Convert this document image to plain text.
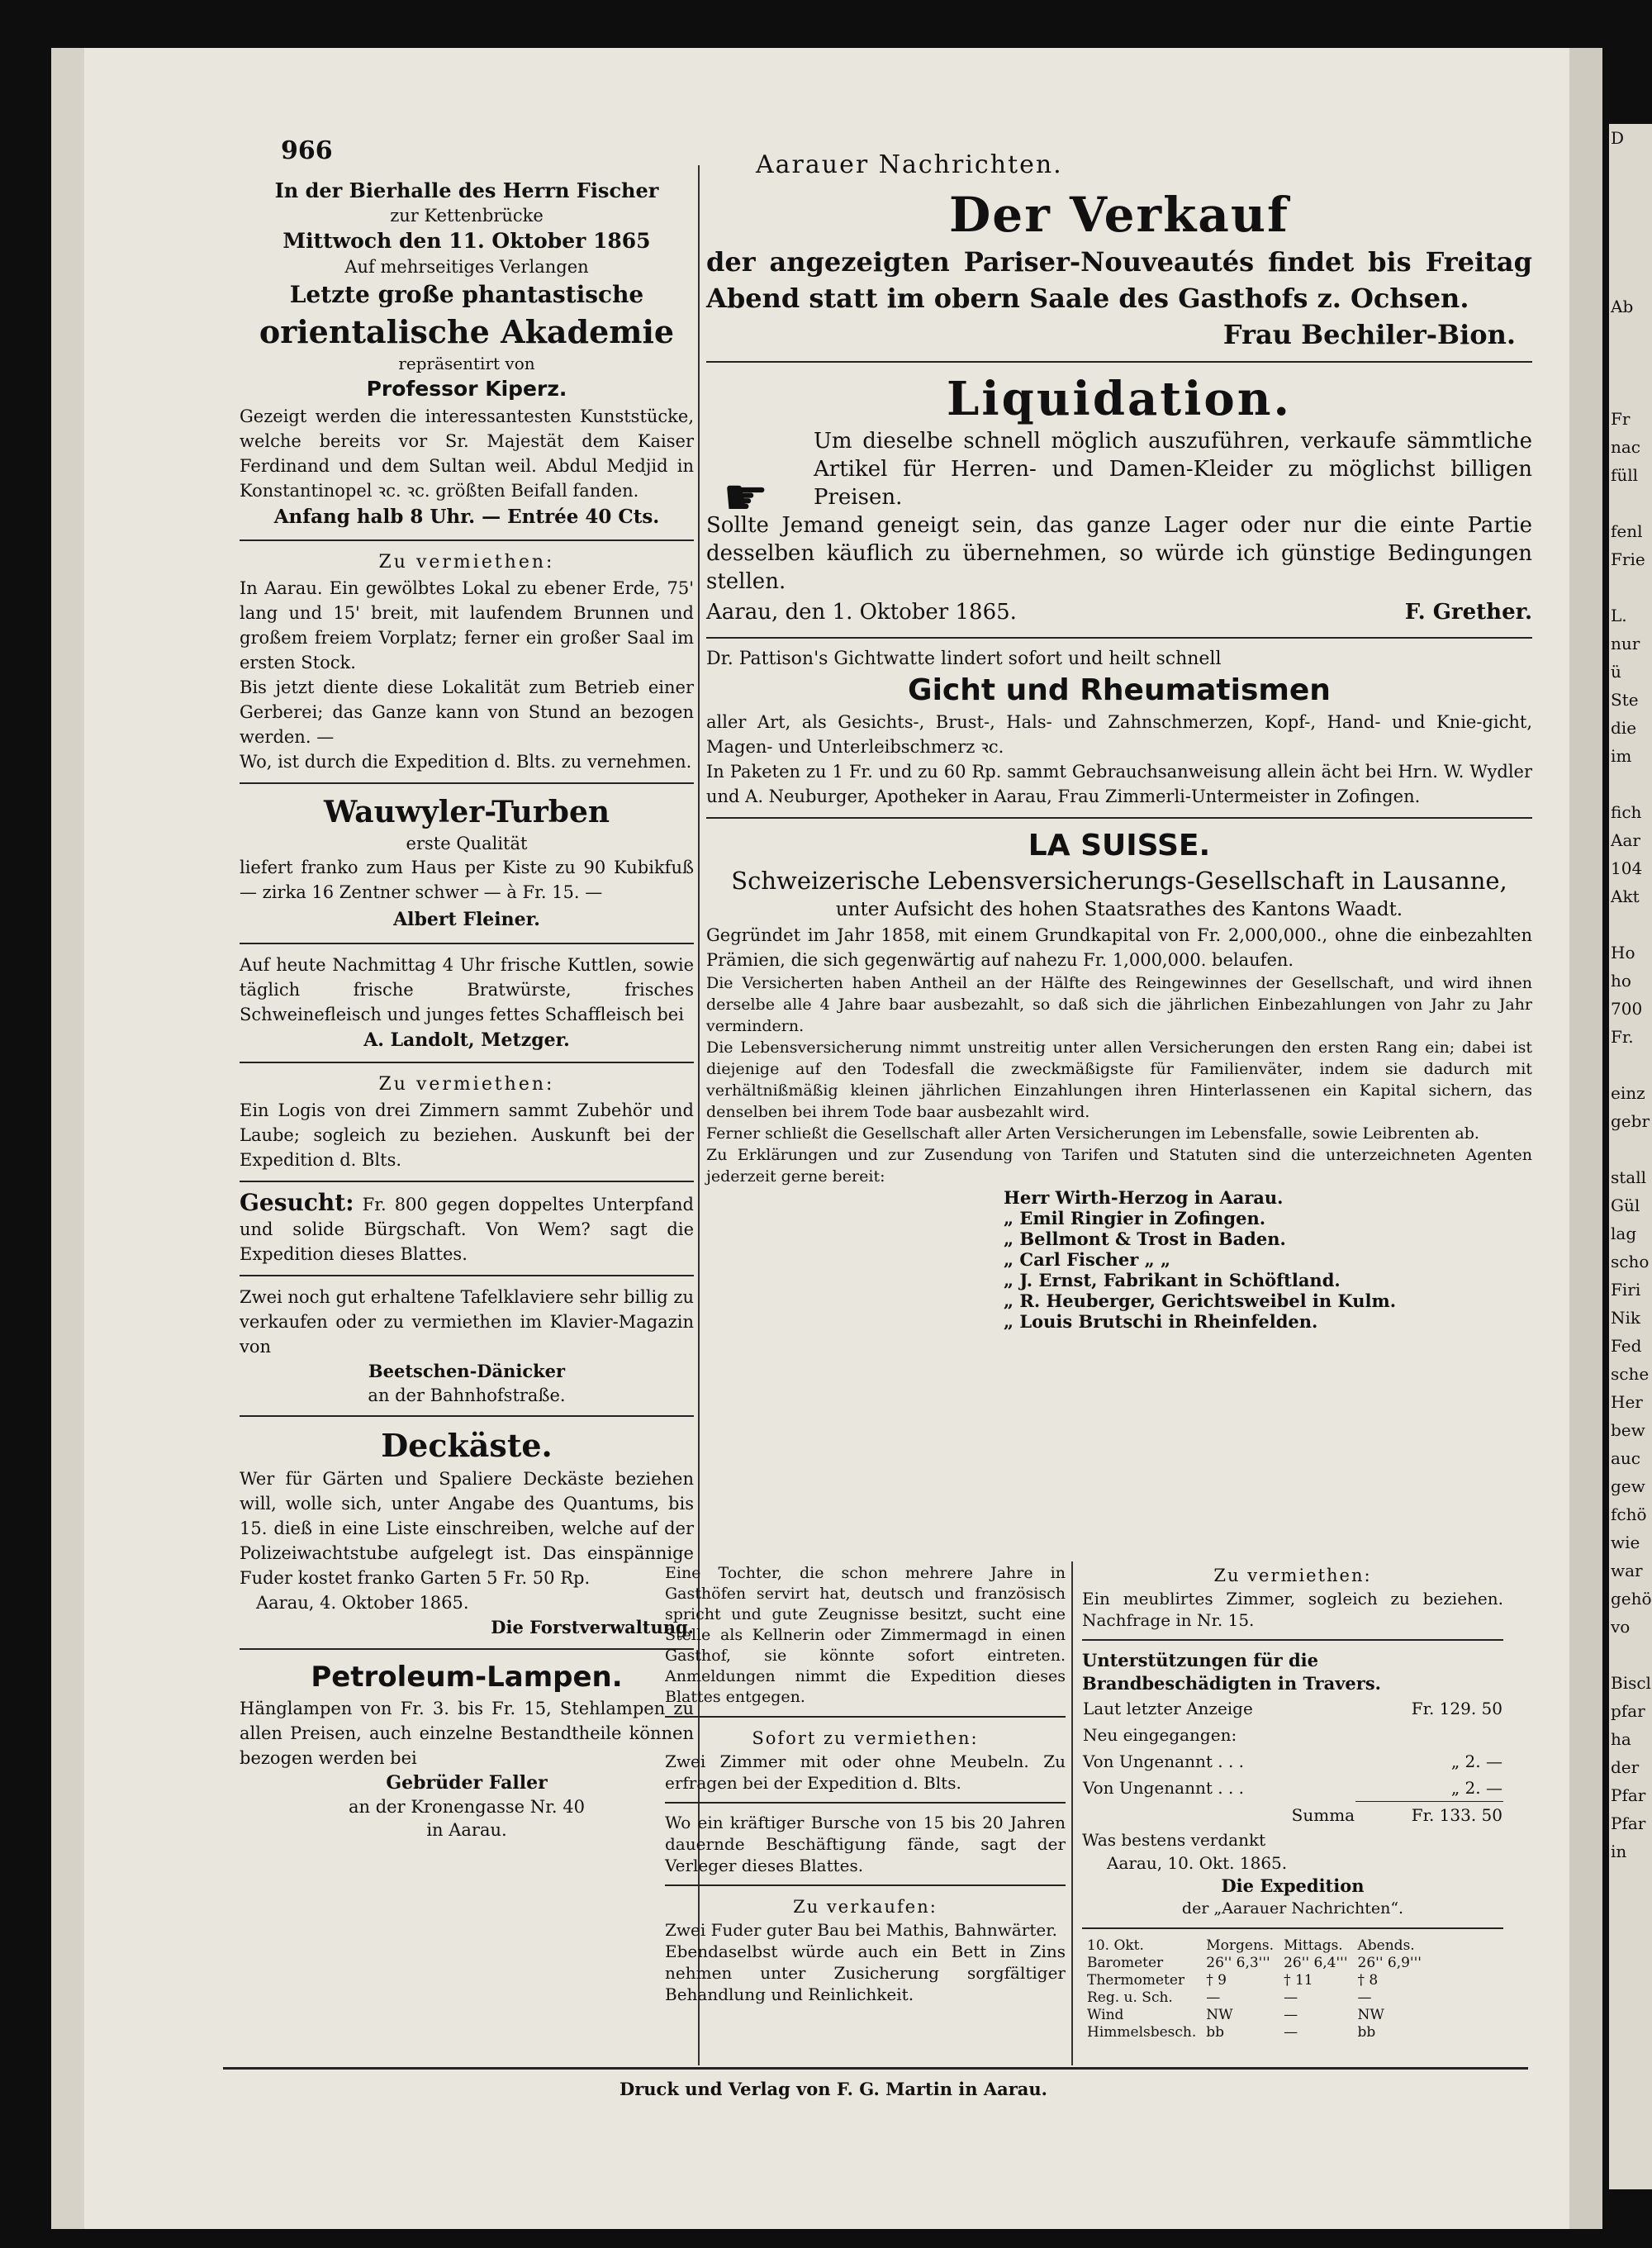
966	Aarauer Nachrichten.
In der Bierhalle des Herrn Fischer
zur Kettenbrücke
Mittwoch den 11. Oktober 1865
Auf mehrseitiges Verlangen
Letzte große phantastische
orientalische Akademie
repräsentirt von
Professor Kiperz.
Gezeigt werden die interessantesten Kunststücke, welche bereits vor Sr. Majestät dem Kaiser Ferdinand und dem Sultan weil. Abdul Medjid in Konstantinopel ꝛc. ꝛc. größten Beifall fanden.
Anfang halb 8 Uhr. — Entrée 40 Cts.
Zu vermiethen:

In Aarau. Ein gewölbtes Lokal zu ebener Erde, 75' lang und 15' breit, mit laufendem Brunnen und großem freiem Vorplatz; ferner ein großer Saal im ersten Stock.

Bis jetzt diente diese Lokalität zum Betrieb einer Gerberei; das Ganze kann von Stund an bezogen werden. —

Wo, ist durch die Expedition d. Blts. zu vernehmen.

Wauwyler-Turben
erste Qualität
liefert franko zum Haus per Kiste zu 90 Kubikfuß — zirka 16 Zentner schwer — à Fr. 15. —
Albert Fleiner.
Auf heute Nachmittag 4 Uhr frische Kuttlen, sowie täglich frische Bratwürste, frisches Schweinefleisch und junges fettes Schaffleisch bei
A. Landolt, Metzger.
Zu vermiethen:
Ein Logis von drei Zimmern sammt Zubehör und Laube; sogleich zu beziehen. Auskunft bei der Expedition d. Blts.
Gesucht: Fr. 800 gegen doppeltes Unterpfand und solide Bürgschaft. Von Wem? sagt die Expedition dieses Blattes.
Zwei noch gut erhaltene Tafelklaviere sehr billig zu verkaufen oder zu vermiethen im Klavier-Magazin von
Beetschen-Dänicker
an der Bahnhofstraße.
Deckäste.
Wer für Gärten und Spaliere Deckäste beziehen will, wolle sich, unter Angabe des Quantums, bis 15. dieß in eine Liste einschreiben, welche auf der Polizeiwachtstube aufgelegt ist. Das einspännige Fuder kostet franko Garten 5 Fr. 50 Rp.
Aarau, 4. Oktober 1865.
Die Forstverwaltung.
Petroleum-Lampen.
Hänglampen von Fr. 3. bis Fr. 15, Stehlampen zu allen Preisen, auch einzelne Bestandtheile können bezogen werden bei
Gebrüder Faller
an der Kronengasse Nr. 40
in Aarau.
Der Verkauf
der angezeigten Pariser-Nouveautés findet bis Freitag Abend statt im obern Saale des Gasthofs z. Ochsen.
Frau Bechiler-Bion.
Liquidation.
Um dieselbe schnell möglich auszuführen, verkaufe sämmtliche Artikel für Herren- und Damen-Kleider zu möglichst billigen Preisen.
Sollte Jemand geneigt sein, das ganze Lager oder nur die einte Partie desselben käuflich zu übernehmen, so würde ich günstige Bedingungen stellen.
Aarau, den 1. Oktober 1865.	F. Grether.
Dr. Pattison's Gichtwatte lindert sofort und heilt schnell
Gicht und Rheumatismen
aller Art, als Gesichts-, Brust-, Hals- und Zahnschmerzen, Kopf-, Hand- und Knie-gicht, Magen- und Unterleibschmerz ꝛc.
In Paketen zu 1 Fr. und zu 60 Rp. sammt Gebrauchsanweisung allein ächt bei Hrn. W. Wydler und A. Neuburger, Apotheker in Aarau, Frau Zimmerli-Untermeister in Zofingen.
LA SUISSE.
Schweizerische Lebensversicherungs-Gesellschaft in Lausanne,
unter Aufsicht des hohen Staatsrathes des Kantons Waadt.
Gegründet im Jahr 1858, mit einem Grundkapital von Fr. 2,000,000., ohne die einbezahlten Prämien, die sich gegenwärtig auf nahezu Fr. 1,000,000. belaufen.
Die Versicherten haben Antheil an der Hälfte des Reingewinnes der Gesellschaft, und wird ihnen derselbe alle 4 Jahre baar ausbezahlt, so daß sich die jährlichen Einbezahlungen von Jahr zu Jahr vermindern.
Die Lebensversicherung nimmt unstreitig unter allen Versicherungen den ersten Rang ein; dabei ist diejenige auf den Todesfall die zweckmäßigste für Familienväter, indem sie dadurch mit verhältnißmäßig kleinen jährlichen Einzahlungen ihren Hinterlassenen ein Kapital sichern, das denselben bei ihrem Tode baar ausbezahlt wird.
Ferner schließt die Gesellschaft aller Arten Versicherungen im Lebensfalle, sowie Leibrenten ab.
Zu Erklärungen und zur Zusendung von Tarifen und Statuten sind die unterzeichneten Agenten jederzeit gerne bereit:
Herr Wirth-Herzog in Aarau.
„ Emil Ringier in Zofingen.
„ Bellmont & Trost in Baden.
„ Carl Fischer „ „
„ J. Ernst, Fabrikant in Schöftland.
„ R. Heuberger, Gerichtsweibel in Kulm.
„ Louis Brutschi in Rheinfelden.
☛
Eine Tochter, die schon mehrere Jahre in Gasthöfen servirt hat, deutsch und französisch spricht und gute Zeugnisse besitzt, sucht eine Stelle als Kellnerin oder Zimmermagd in einen Gasthof, sie könnte sofort eintreten. Anmeldungen nimmt die Expedition dieses Blattes entgegen.
Sofort zu vermiethen:
Zwei Zimmer mit oder ohne Meubeln. Zu erfragen bei der Expedition d. Blts.
Wo ein kräftiger Bursche von 15 bis 20 Jahren dauernde Beschäftigung fände, sagt der Verleger dieses Blattes.
Zu verkaufen:
Zwei Fuder guter Bau bei Mathis, Bahnwärter.
Ebendaselbst würde auch ein Bett in Zins nehmen unter Zusicherung sorgfältiger Behandlung und Reinlichkeit.
Zu vermiethen:
Ein meublirtes Zimmer, sogleich zu beziehen. Nachfrage in Nr. 15.
Unterstützungen für die Brandbeschädigten in Travers.
Laut letzter Anzeige	Fr. 129. 50
Neu eingegangen:	
Von Ungenannt . . .	„ 2. —
Von Ungenannt . . .	„ 2. —
Summa	Fr. 133. 50
Was bestens verdankt
Aarau, 10. Okt. 1865.
Die Expedition
der „Aarauer Nachrichten“.
10. Okt.	Morgens.	Mittags.	Abends.
Barometer	26'' 6,3'''	26'' 6,4'''	26'' 6,9'''
Thermometer	† 9	† 11	† 8
Reg. u. Sch.	—	—	—
Wind	NW	—	NW
Himmelsbesch.	bb	—	bb
Druck und Verlag von F. G. Martin in Aarau.
D

Ab

Fr
nac
füll

fenl
Frie

L.
nur
ü
Ste
die
im

fich
Aar
104
Akt

Ho
ho
700
Fr.

einz
gebr

stall
Gül
lag
scho
Firi
Nik
Fed
sche
Her
bew
auc
gew
fchö
wie
war
gehö
vo

Biscl
pfar
ha
der
Pfar
Pfar
in
